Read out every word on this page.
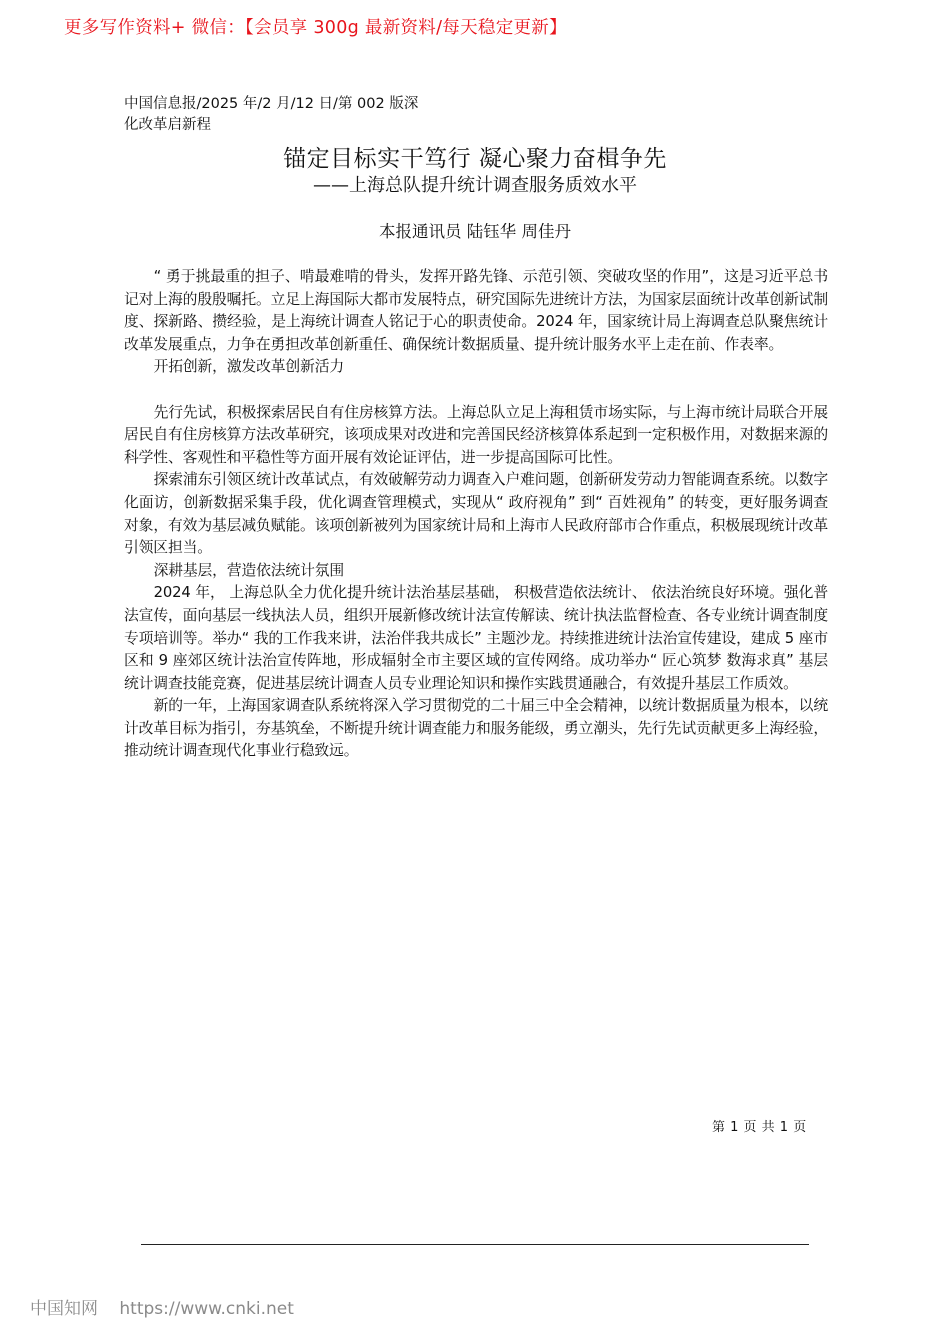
更多写作资料+ 微信：【会员享 300g 最新资料/每天稳定更新】
中国信息报/2025 年/2 月/12 日/第 002 版深化改革启新程
锚定目标实干笃行 凝心聚力奋楫争先
——上海总队提升统计调查服务质效水平
本报通讯员 陆钰华 周佳丹

“ 勇于挑最重的担子、啃最难啃的骨头，发挥开路先锋、示范引领、突破攻坚的作用”，这是习近平总书记对上海的殷殷嘱托。立足上海国际大都市发展特点，研究国际先进统计方法，为国家层面统计改革创新试制度、探新路、攒经验，是上海统计调查人铭记于心的职责使命。2024 年，国家统计局上海调查总队聚焦统计改革发展重点，力争在勇担改革创新重任、确保统计数据质量、提升统计服务水平上走在前、作表率。

开拓创新，激发改革创新活力

先行先试，积极探索居民自有住房核算方法。上海总队立足上海租赁市场实际，与上海市统计局联合开展居民自有住房核算方法改革研究，该项成果对改进和完善国民经济核算体系起到一定积极作用，对数据来源的科学性、客观性和平稳性等方面开展有效论证评估，进一步提高国际可比性。

探索浦东引领区统计改革试点，有效破解劳动力调查入户难问题，创新研发劳动力智能调查系统。以数字化面访，创新数据采集手段，优化调查管理模式，实现从“ 政府视角” 到“ 百姓视角” 的转变，更好服务调查对象，有效为基层减负赋能。该项创新被列为国家统计局和上海市人民政府部市合作重点，积极展现统计改革引领区担当。

深耕基层，营造依法统计氛围

2024 年， 上海总队全力优化提升统计法治基层基础， 积极营造依法统计、 依法治统良好环境。强化普法宣传，面向基层一线执法人员，组织开展新修改统计法宣传解读、统计执法监督检查、各专业统计调查制度专项培训等。举办“ 我的工作我来讲，法治伴我共成长” 主题沙龙。持续推进统计法治宣传建设，建成 5 座市区和 9 座郊区统计法治宣传阵地，形成辐射全市主要区域的宣传网络。成功举办“ 匠心筑梦 数海求真” 基层统计调查技能竞赛，促进基层统计调查人员专业理论知识和操作实践贯通融合，有效提升基层工作质效。

新的一年，上海国家调查队系统将深入学习贯彻党的二十届三中全会精神，以统计数据质量为根本，以统计改革目标为指引，夯基筑垒，不断提升统计调查能力和服务能级，勇立潮头，先行先试贡献更多上海经验，推动统计调查现代化事业行稳致远。

第 1 页 共 1 页
中国知网 https://www.cnki.net
